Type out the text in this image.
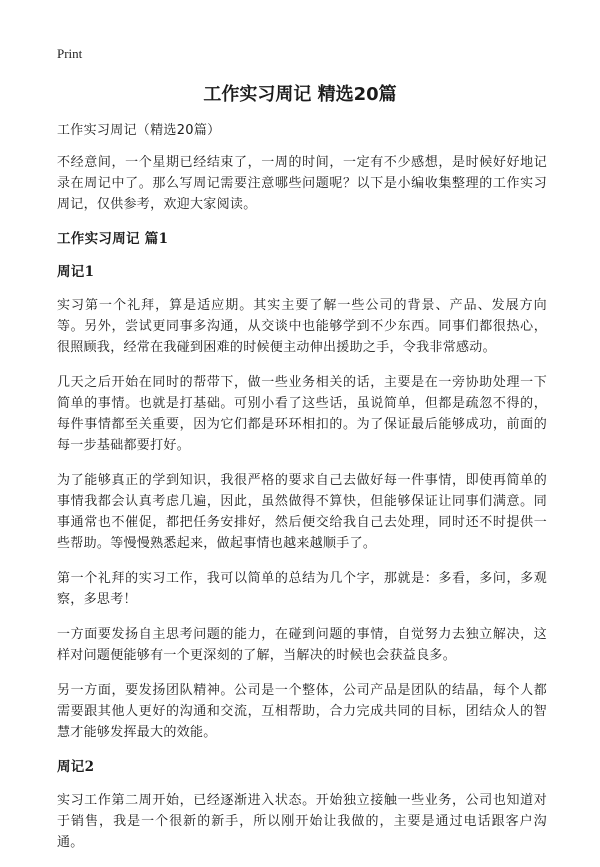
Print
工作实习周记 精选20篇

工作实习周记（精选20篇）

不经意间，一个星期已经结束了，一周的时间，一定有不少感想，是时候好好地记录在周记中了。那么写周记需要注意哪些问题呢？以下是小编收集整理的工作实习周记，仅供参考，欢迎大家阅读。

工作实习周记 篇1
周记1

实习第一个礼拜，算是适应期。其实主要了解一些公司的背景、产品、发展方向等。另外，尝试更同事多沟通，从交谈中也能够学到不少东西。同事们都很热心，很照顾我，经常在我碰到困难的时候便主动伸出援助之手，令我非常感动。

几天之后开始在同时的帮带下，做一些业务相关的话，主要是在一旁协助处理一下简单的事情。也就是打基础。可别小看了这些话，虽说简单，但都是疏忽不得的，每件事情都至关重要，因为它们都是环环相扣的。为了保证最后能够成功，前面的每一步基础都要打好。

为了能够真正的学到知识，我很严格的要求自己去做好每一件事情，即使再简单的事情我都会认真考虑几遍，因此，虽然做得不算快，但能够保证让同事们满意。同事通常也不催促，都把任务安排好，然后便交给我自己去处理，同时还不时提供一些帮助。等慢慢熟悉起来，做起事情也越来越顺手了。

第一个礼拜的实习工作，我可以简单的总结为几个字，那就是：多看，多问，多观察，多思考！

一方面要发扬自主思考问题的能力，在碰到问题的事情，自觉努力去独立解决，这样对问题便能够有一个更深刻的了解，当解决的时候也会获益良多。

另一方面，要发扬团队精神。公司是一个整体，公司产品是团队的结晶，每个人都需要跟其他人更好的沟通和交流，互相帮助，合力完成共同的目标，团结众人的智慧才能够发挥最大的效能。

周记2

实习工作第二周开始，已经逐渐进入状态。开始独立接触一些业务，公司也知道对于销售，我是一个很新的新手，所以刚开始让我做的，主要是通过电话跟客户沟通。
